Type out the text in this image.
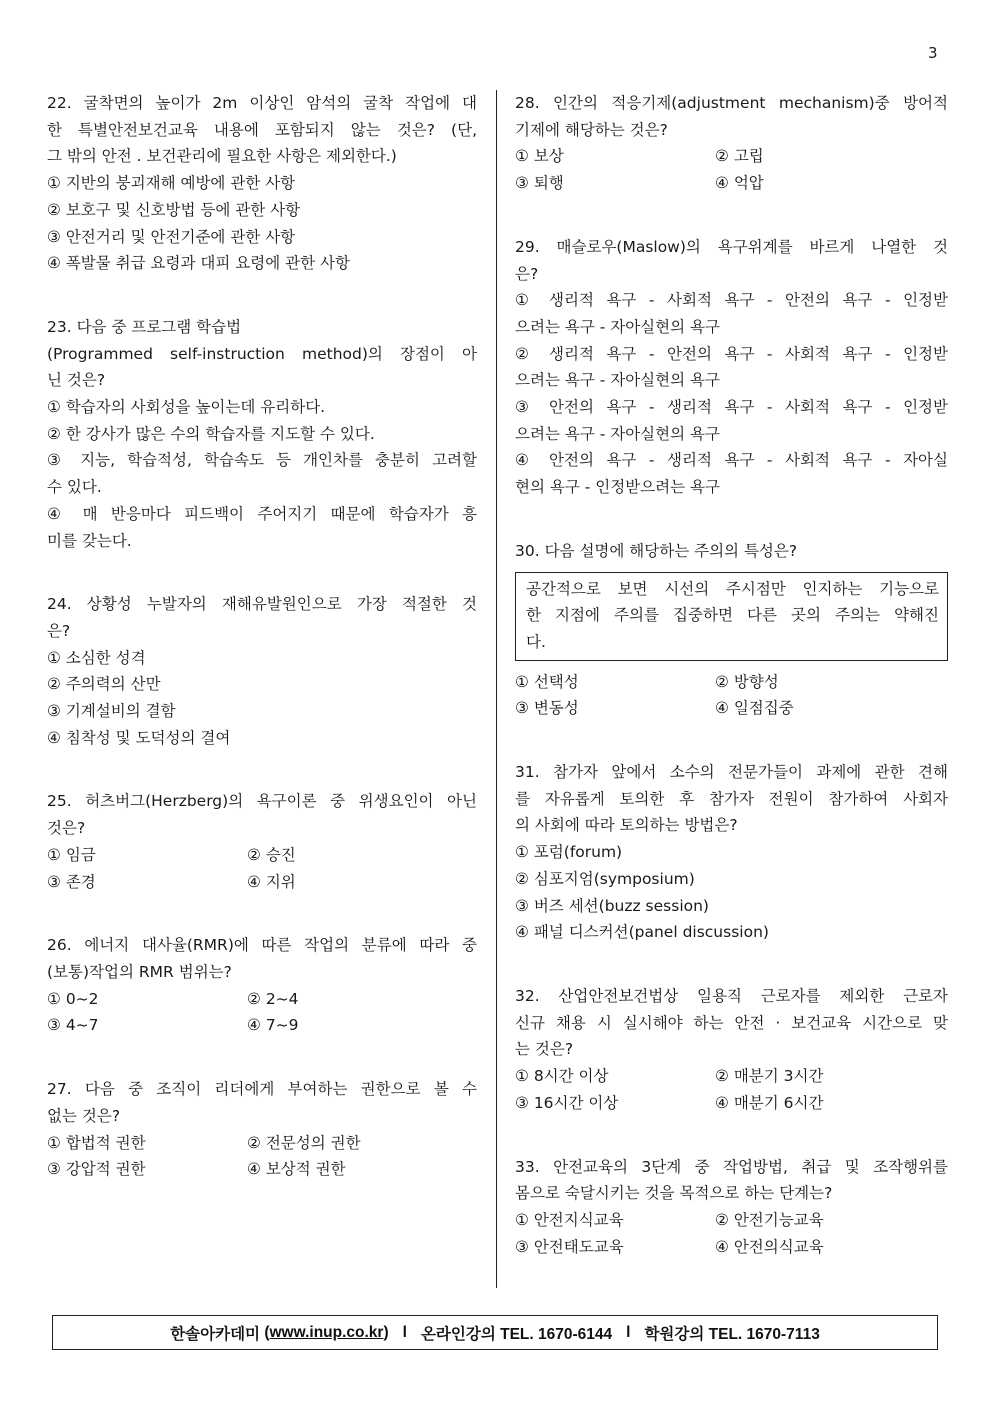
3

22. 굴착면의 높이가 2m 이상인 암석의 굴착 작업에 대

한 특별안전보건교육 내용에 포함되지 않는 것은? (단,

그 밖의 안전 . 보건관리에 필요한 사항은 제외한다.)

① 지반의 붕괴재해 예방에 관한 사항
② 보호구 및 신호방법 등에 관한 사항
③ 안전거리 및 안전기준에 관한 사항
④ 폭발물 취급 요령과 대피 요령에 관한 사항

23. 다음 중 프로그램 학습법

(Programmed self-instruction method)의 장점이 아

닌 것은?

① 학습자의 사회성을 높이는데 유리하다.
② 한 강사가 많은 수의 학습자를 지도할 수 있다.

③ 지능, 학습적성, 학습속도 등 개인차를 충분히 고려할

수 있다.

④ 매 반응마다 피드백이 주어지기 때문에 학습자가 흥

미를 갖는다.

24. 상황성 누발자의 재해유발원인으로 가장 적절한 것

은?

① 소심한 성격
② 주의력의 산만
③ 기계설비의 결함
④ 침착성 및 도덕성의 결여

25. 허츠버그(Herzberg)의 욕구이론 중 위생요인이 아닌

것은?

① 임금	② 승진
③ 존경	④ 지위

26. 에너지 대사율(RMR)에 따른 작업의 분류에 따라 중

(보통)작업의 RMR 범위는?

① 0~2	② 2~4
③ 4~7	④ 7~9

27. 다음 중 조직이 리더에게 부여하는 권한으로 볼 수

없는 것은?

① 합법적 권한	② 전문성의 권한
③ 강압적 권한	④ 보상적 권한

28. 인간의 적응기제(adjustment mechanism)중 방어적

기제에 해당하는 것은?

① 보상	② 고립
③ 퇴행	④ 억압

29. 매슬로우(Maslow)의 욕구위계를 바르게 나열한 것

은?

① 생리적 욕구 - 사회적 욕구 - 안전의 욕구 - 인정받

으려는 욕구 - 자아실현의 욕구

② 생리적 욕구 - 안전의 욕구 - 사회적 욕구 - 인정받

으려는 욕구 - 자아실현의 욕구

③ 안전의 욕구 - 생리적 욕구 - 사회적 욕구 - 인정받

으려는 욕구 - 자아실현의 욕구

④ 안전의 욕구 - 생리적 욕구 - 사회적 욕구 - 자아실

현의 욕구 - 인정받으려는 욕구

30. 다음 설명에 해당하는 주의의 특성은?

공간적으로 보면 시선의 주시점만 인지하는 기능으로

한 지점에 주의를 집중하면 다른 곳의 주의는 약해진

다.

① 선택성	② 방향성
③ 변동성	④ 일점집중

31. 참가자 앞에서 소수의 전문가들이 과제에 관한 견해

를 자유롭게 토의한 후 참가자 전원이 참가하여 사회자

의 사회에 따라 토의하는 방법은?

① 포럼(forum)
② 심포지엄(symposium)
③ 버즈 세션(buzz session)
④ 패널 디스커션(panel discussion)

32. 산업안전보건법상 일용직 근로자를 제외한 근로자

신규 채용 시 실시해야 하는 안전 · 보건교육 시간으로 맞

는 것은?

① 8시간 이상	② 매분기 3시간
③ 16시간 이상	④ 매분기 6시간

33. 안전교육의 3단계 중 작업방법, 취급 및 조작행위를

몸으로 숙달시키는 것을 목적으로 하는 단계는?

① 안전지식교육	② 안전기능교육
③ 안전태도교육	④ 안전의식교육
한솔아카데미 ( www.inup.co.kr ) l 온라인강의 TEL. 1670-6144 l 학원강의 TEL. 1670-7113
